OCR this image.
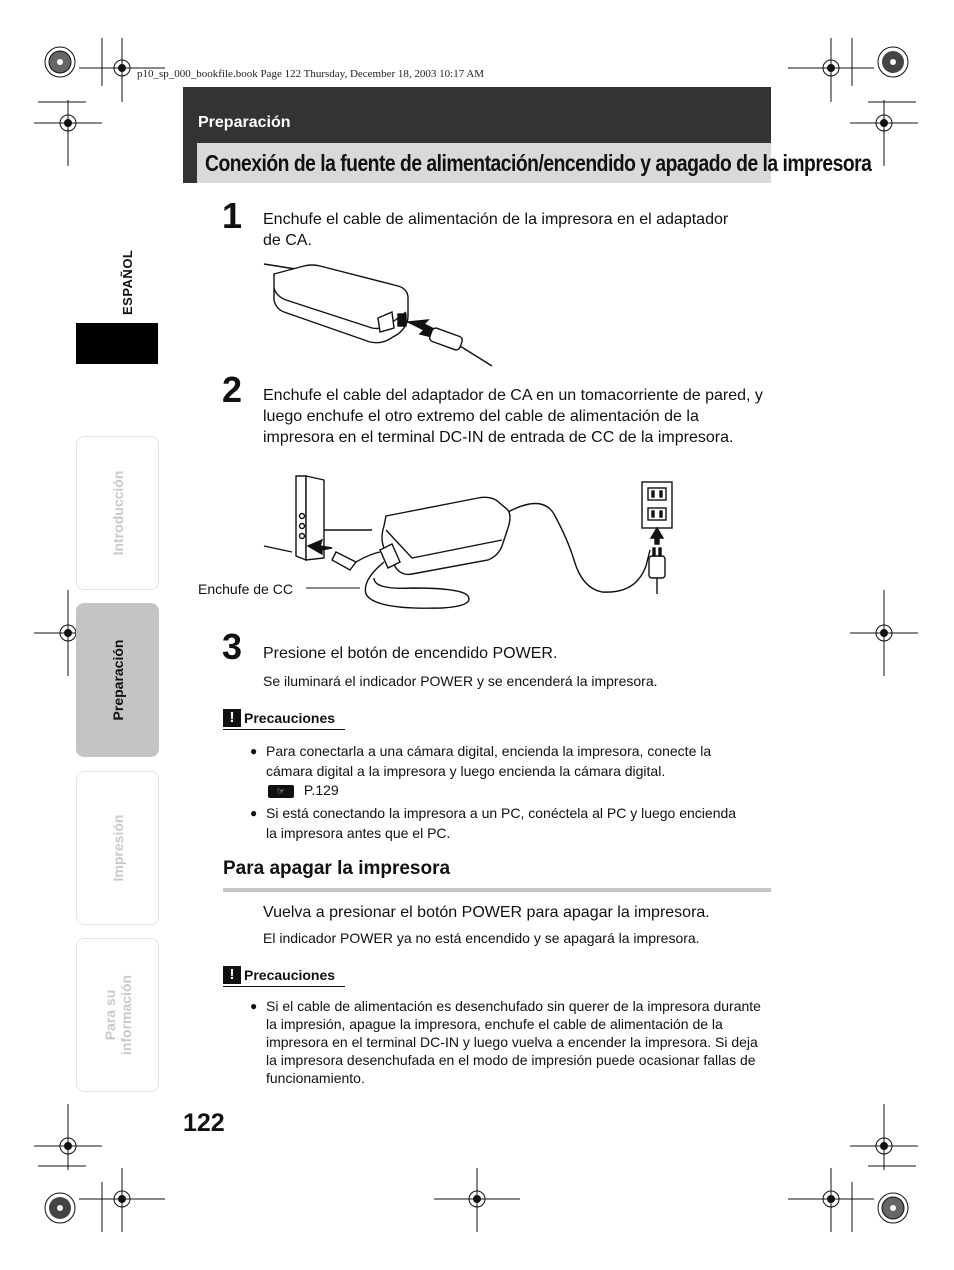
p10_sp_000_bookfile.book Page 122 Thursday, December 18, 2003 10:17 AM
Preparación
Conexión de la fuente de alimentación/encendido y apagado de la impresora
ESPAÑOL
Introducción
Preparación
Impresión
Para su información
1 Enchufe el cable de alimentación de la impresora en el adaptador de CA.
2 Enchufe el cable del adaptador de CA en un tomacorriente de pared, y luego enchufe el otro extremo del cable de alimentación de la impresora en el terminal DC-IN de entrada de CC de la impresora.
Enchufe de CC
3 Presione el botón de encendido POWER.
Se iluminará el indicador POWER y se encenderá la impresora.
! Precauciones
● Para conectarla a una cámara digital, encienda la impresora, conecte la cámara digital a la impresora y luego encienda la cámara digital.
☞ P.129
● Si está conectando la impresora a un PC, conéctela al PC y luego encienda la impresora antes que el PC.
Para apagar la impresora
Vuelva a presionar el botón POWER para apagar la impresora.
El indicador POWER ya no está encendido y se apagará la impresora.
! Precauciones
● Si el cable de alimentación es desenchufado sin querer de la impresora durante la impresión, apague la impresora, enchufe el cable de alimentación de la impresora en el terminal DC-IN y luego vuelva a encender la impresora. Si deja la impresora desenchufada en el modo de impresión puede ocasionar fallas de funcionamiento.
122
